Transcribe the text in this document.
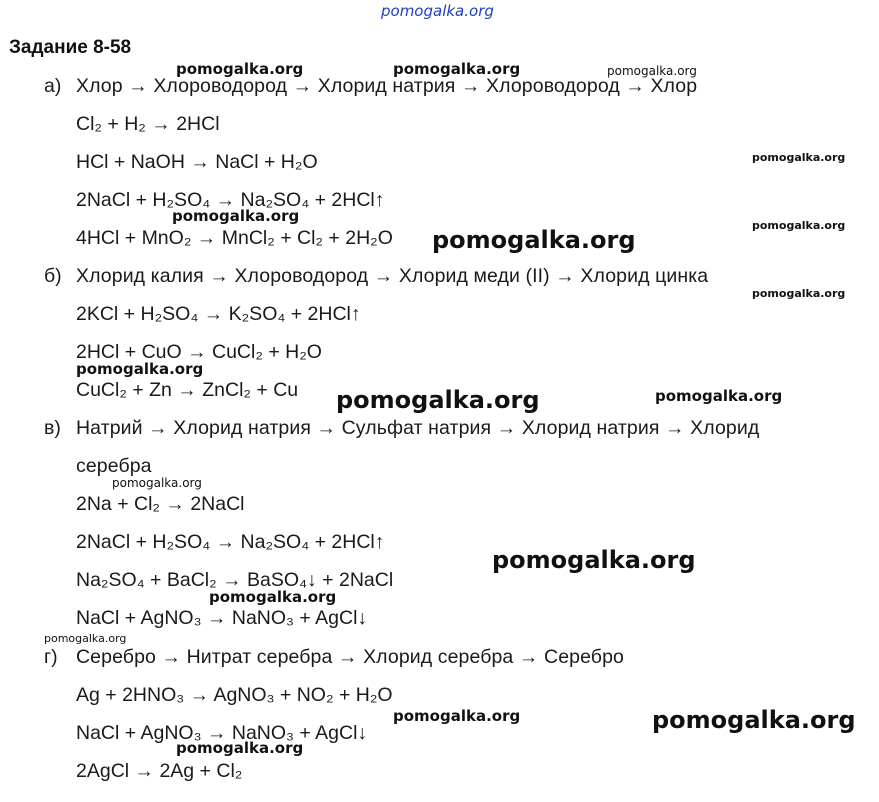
pomogalka.org
Задание 8-58
а) Хлор → Хлороводород → Хлорид натрия → Хлороводород → Хлор
Cl₂ + H₂ → 2HCl
HCl + NaOH → NaCl + H₂O
2NaCl + H₂SO₄ → Na₂SO₄ + 2HCl↑
4HCl + MnO₂ → MnCl₂ + Cl₂ + 2H₂O
б) Хлорид калия → Хлороводород → Хлорид меди (II) → Хлорид цинка
2KCl + H₂SO₄ → K₂SO₄ + 2HCl↑
2HCl + CuO → CuCl₂ + H₂O
CuCl₂ + Zn → ZnCl₂ + Cu
в) Натрий → Хлорид натрия → Сульфат натрия → Хлорид натрия → Хлорид
серебра
2Na + Cl₂ → 2NaCl
2NaCl + H₂SO₄ → Na₂SO₄ + 2HCl↑
Na₂SO₄ + BaCl₂ → BaSO₄↓ + 2NaCl
NaCl + AgNO₃ → NaNO₃ + AgCl↓
г) Серебро → Нитрат серебра → Хлорид серебра → Серебро
Ag + 2HNO₃ → AgNO₃ + NO₂ + H₂O
NaCl + AgNO₃ → NaNO₃ + AgCl↓
2AgCl → 2Ag + Cl₂
pomogalka.org	pomogalka.org	pomogalka.org
pomogalka.org
pomogalka.org
pomogalka.org
pomogalka.org
pomogalka.org
pomogalka.org
pomogalka.org	pomogalka.org
pomogalka.org
pomogalka.org
pomogalka.org
pomogalka.org
pomogalka.org	pomogalka.org
pomogalka.org
